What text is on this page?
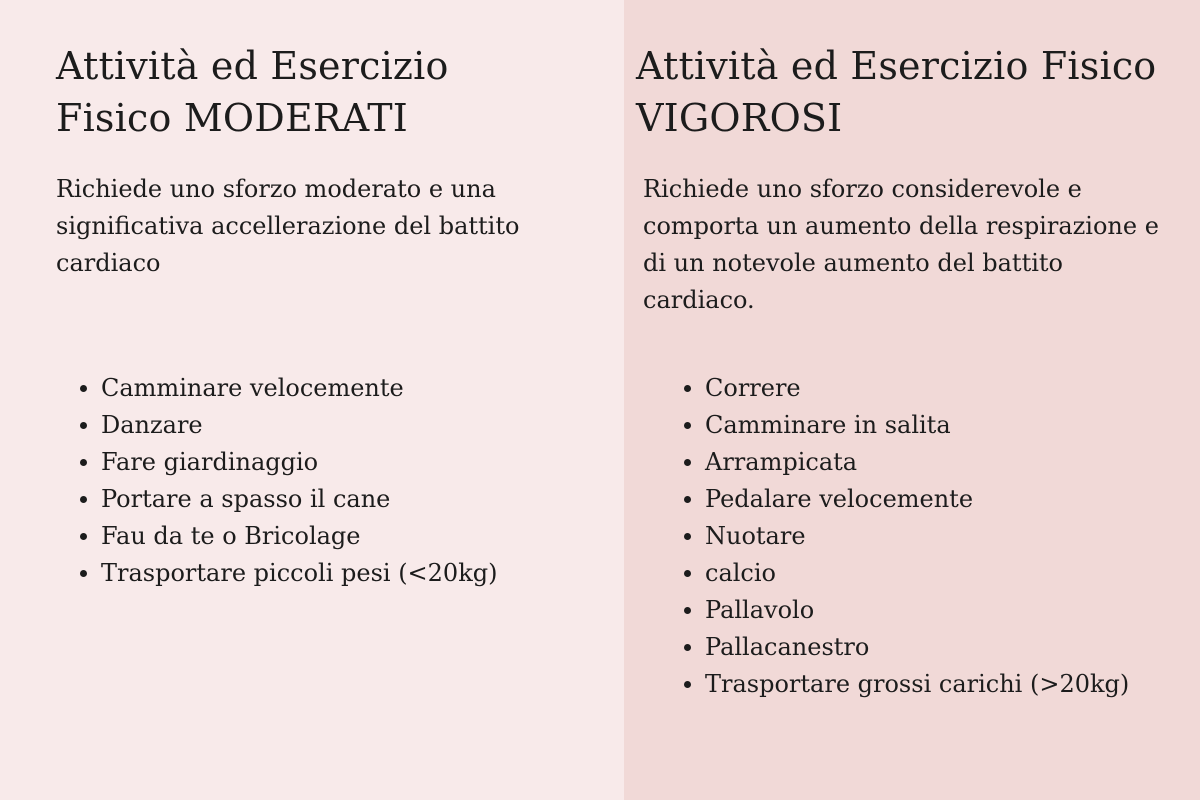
Attività ed Esercizio
Fisico MODERATI

Richiede uno sforzo moderato e una significativa accellerazione del battito cardiaco

Camminare velocemente
Danzare
Fare giardinaggio
Portare a spasso il cane
Fau da te o Bricolage
Trasportare piccoli pesi (<20kg)
Attività ed Esercizio Fisico
VIGOROSI

Richiede uno sforzo considerevole e comporta un aumento della respirazione e di un notevole aumento del battito cardiaco.

Correre
Camminare in salita
Arrampicata
Pedalare velocemente
Nuotare
calcio
Pallavolo
Pallacanestro
Trasportare grossi carichi (>20kg)
